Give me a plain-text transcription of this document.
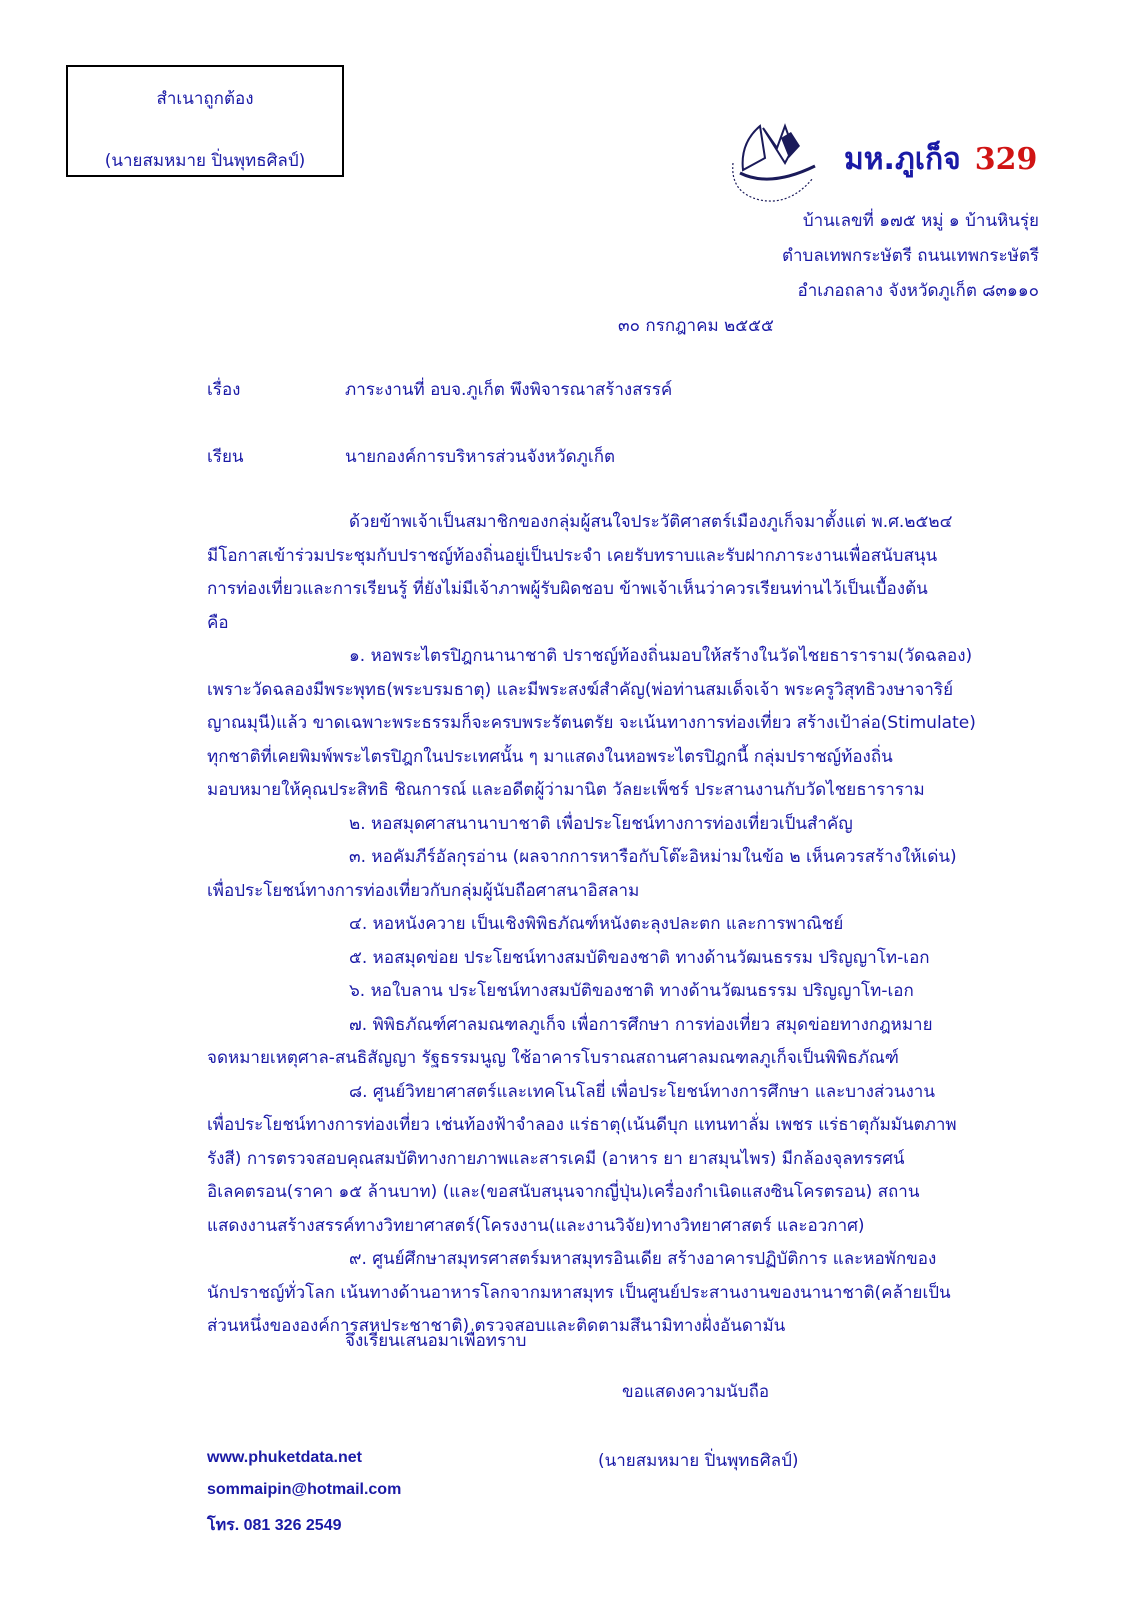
สำเนาถูกต้อง
(นายสมหมาย ปิ่นพุทธศิลป์)	มห.ภูเก็จ 329
บ้านเลขที่ ๑๗๕ หมู่ ๑ บ้านหินรุ่ย
ตำบลเทพกระษัตรี ถนนเทพกระษัตรี
อำเภอถลาง จังหวัดภูเก็ต ๘๓๑๑๐
๓๐ กรกฎาคม ๒๕๕๕
เรื่อง	ภาระงานที่ อบจ.ภูเก็ต พึงพิจารณาสร้างสรรค์
เรียน	นายกองค์การบริหารส่วนจังหวัดภูเก็ต
ด้วยข้าพเจ้าเป็นสมาชิกของกลุ่มผู้สนใจประวัติศาสตร์เมืองภูเก็จมาตั้งแต่ พ.ศ.๒๕๒๔
มีโอกาสเข้าร่วมประชุมกับปราชญ์ท้องถิ่นอยู่เป็นประจำ เคยรับทราบและรับฝากภาระงานเพื่อสนับสนุน
การท่องเที่ยวและการเรียนรู้ ที่ยังไม่มีเจ้าภาพผู้รับผิดชอบ ข้าพเจ้าเห็นว่าควรเรียนท่านไว้เป็นเบื้องต้น
คือ
๑. หอพระไตรปิฎกนานาชาติ ปราชญ์ท้องถิ่นมอบให้สร้างในวัดไชยธาราราม(วัดฉลอง)
เพราะวัดฉลองมีพระพุทธ(พระบรมธาตุ) และมีพระสงฆ์สำคัญ(พ่อท่านสมเด็จเจ้า พระครูวิสุทธิวงษาจาริย์
ญาณมุนี)แล้ว ขาดเฉพาะพระธรรมก็จะครบพระรัตนตรัย จะเน้นทางการท่องเที่ยว สร้างเป้าล่อ(Stimulate)
ทุกชาติที่เคยพิมพ์พระไตรปิฎกในประเทศนั้น ๆ มาแสดงในหอพระไตรปิฎกนี้ กลุ่มปราชญ์ท้องถิ่น
มอบหมายให้คุณประสิทธิ ชิณการณ์ และอดีตผู้ว่ามานิต วัลยะเพ็ชร์ ประสานงานกับวัดไชยธาราราม
๒. หอสมุดศาสนานาบาชาติ เพื่อประโยชน์ทางการท่องเที่ยวเป็นสำคัญ
๓. หอคัมภีร์อัลกุรอ่าน (ผลจากการหารือกับโต๊ะอิหม่ามในข้อ ๒ เห็นควรสร้างให้เด่น)
เพื่อประโยชน์ทางการท่องเที่ยวกับกลุ่มผู้นับถือศาสนาอิสลาม
๔. หอหนังควาย เป็นเชิงพิพิธภัณฑ์หนังตะลุงปละตก และการพาณิชย์
๕. หอสมุดข่อย ประโยชน์ทางสมบัติของชาติ ทางด้านวัฒนธรรม ปริญญาโท-เอก
๖. หอใบลาน ประโยชน์ทางสมบัติของชาติ ทางด้านวัฒนธรรม ปริญญาโท-เอก
๗. พิพิธภัณฑ์ศาลมณฑลภูเก็จ เพื่อการศึกษา การท่องเที่ยว สมุดข่อยทางกฎหมาย
จดหมายเหตุศาล-สนธิสัญญา รัฐธรรมนูญ ใช้อาคารโบราณสถานศาลมณฑลภูเก็จเป็นพิพิธภัณฑ์
๘. ศูนย์วิทยาศาสตร์และเทคโนโลยี่ เพื่อประโยชน์ทางการศึกษา และบางส่วนงาน
เพื่อประโยชน์ทางการท่องเที่ยว เช่นท้องฟ้าจำลอง แร่ธาตุ(เน้นดีบุก แทนทาลั่ม เพชร แร่ธาตุกัมมันตภาพ
รังสี) การตรวจสอบคุณสมบัติทางกายภาพและสารเคมี (อาหาร ยา ยาสมุนไพร) มีกล้องจุลทรรศน์
อิเลคตรอน(ราคา ๑๕ ล้านบาท) (และ(ขอสนับสนุนจากญี่ปุ่น)เครื่องกำเนิดแสงซินโครตรอน) สถาน
แสดงงานสร้างสรรค์ทางวิทยาศาสตร์(โครงงาน(และงานวิจัย)ทางวิทยาศาสตร์ และอวกาศ)
๙. ศูนย์ศึกษาสมุทรศาสตร์มหาสมุทรอินเดีย สร้างอาคารปฏิบัติการ และหอพักของ
นักปราชญ์ทั่วโลก เน้นทางด้านอาหารโลกจากมหาสมุทร เป็นศูนย์ประสานงานของนานาชาติ(คล้ายเป็น
ส่วนหนึ่งขององค์การสหประชาชาติ) ตรวจสอบและติดตามสึนามิทางฝั่งอันดามัน
จึงเรียนเสนอมาเพื่อทราบ
ขอแสดงความนับถือ
(นายสมหมาย ปิ่นพุทธศิลป์)
www.phuketdata.net
sommaipin@hotmail.com
โทร. 081 326 2549
